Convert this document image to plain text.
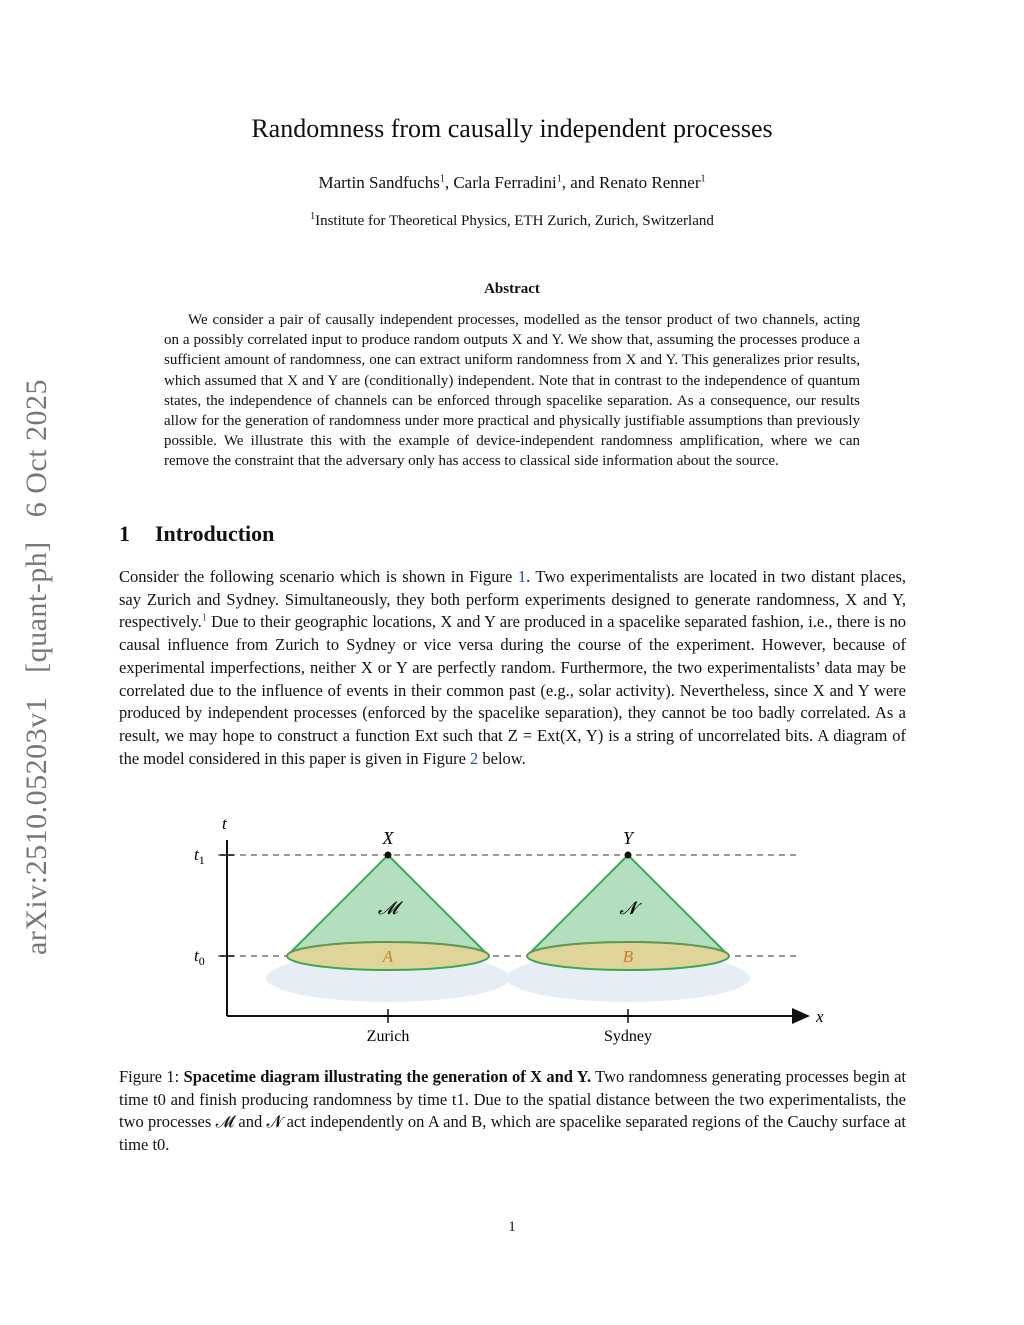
arXiv:2510.05203v1   [quant-ph]   6 Oct 2025
Randomness from causally independent processes
Martin Sandfuchs$^1$, Carla Ferradini$^1$, and Renato Renner$^1$
$^1$Institute for Theoretical Physics, ETH Zurich, Zurich, Switzerland
Abstract

We consider a pair of causally independent processes, modelled as the tensor product of two channels, acting on a possibly correlated input to produce random outputs X and Y. We show that, assuming the processes produce a sufficient amount of randomness, one can extract uniform randomness from X and Y. This generalizes prior results, which assumed that X and Y are (conditionally) independent. Note that in contrast to the independence of quantum states, the independence of channels can be enforced through spacelike separation. As a consequence, our results allow for the generation of randomness under more practical and physically justifiable assumptions than previously possible. We illustrate this with the example of device-independent randomness amplification, where we can remove the constraint that the adversary only has access to classical side information about the source.

1 Introduction

Consider the following scenario which is shown in Figure 1. Two experimentalists are located in two distant places, say Zurich and Sydney. Simultaneously, they both perform experiments designed to generate randomness, X and Y, respectively.$^1$ Due to their geographic locations, X and Y are produced in a spacelike separated fashion, i.e., there is no causal influence from Zurich to Sydney or vice versa during the course of the experiment. However, because of experimental imperfections, neither X or Y are perfectly random. Furthermore, the two experimentalists’ data may be correlated due to the influence of events in their common past (e.g., solar activity). Nevertheless, since X and Y were produced by independent processes (enforced by the spacelike separation), they cannot be too badly correlated. As a result, we may hope to construct a function Ext such that Z = Ext(X, Y) is a string of uncorrelated bits. A diagram of the model considered in this paper is given in Figure 2 below.

t
x
$t_1$
$t_0$
X	Y
𝓜	𝓝
A	B
Zurich	Sydney

Figure 1: Spacetime diagram illustrating the generation of X and Y. Two randomness generating processes begin at time t0 and finish producing randomness by time t1. Due to the spatial distance between the two experimentalists, the two processes 𝓜 and 𝓝 act independently on A and B, which are spacelike separated regions of the Cauchy surface at time t0.

1
